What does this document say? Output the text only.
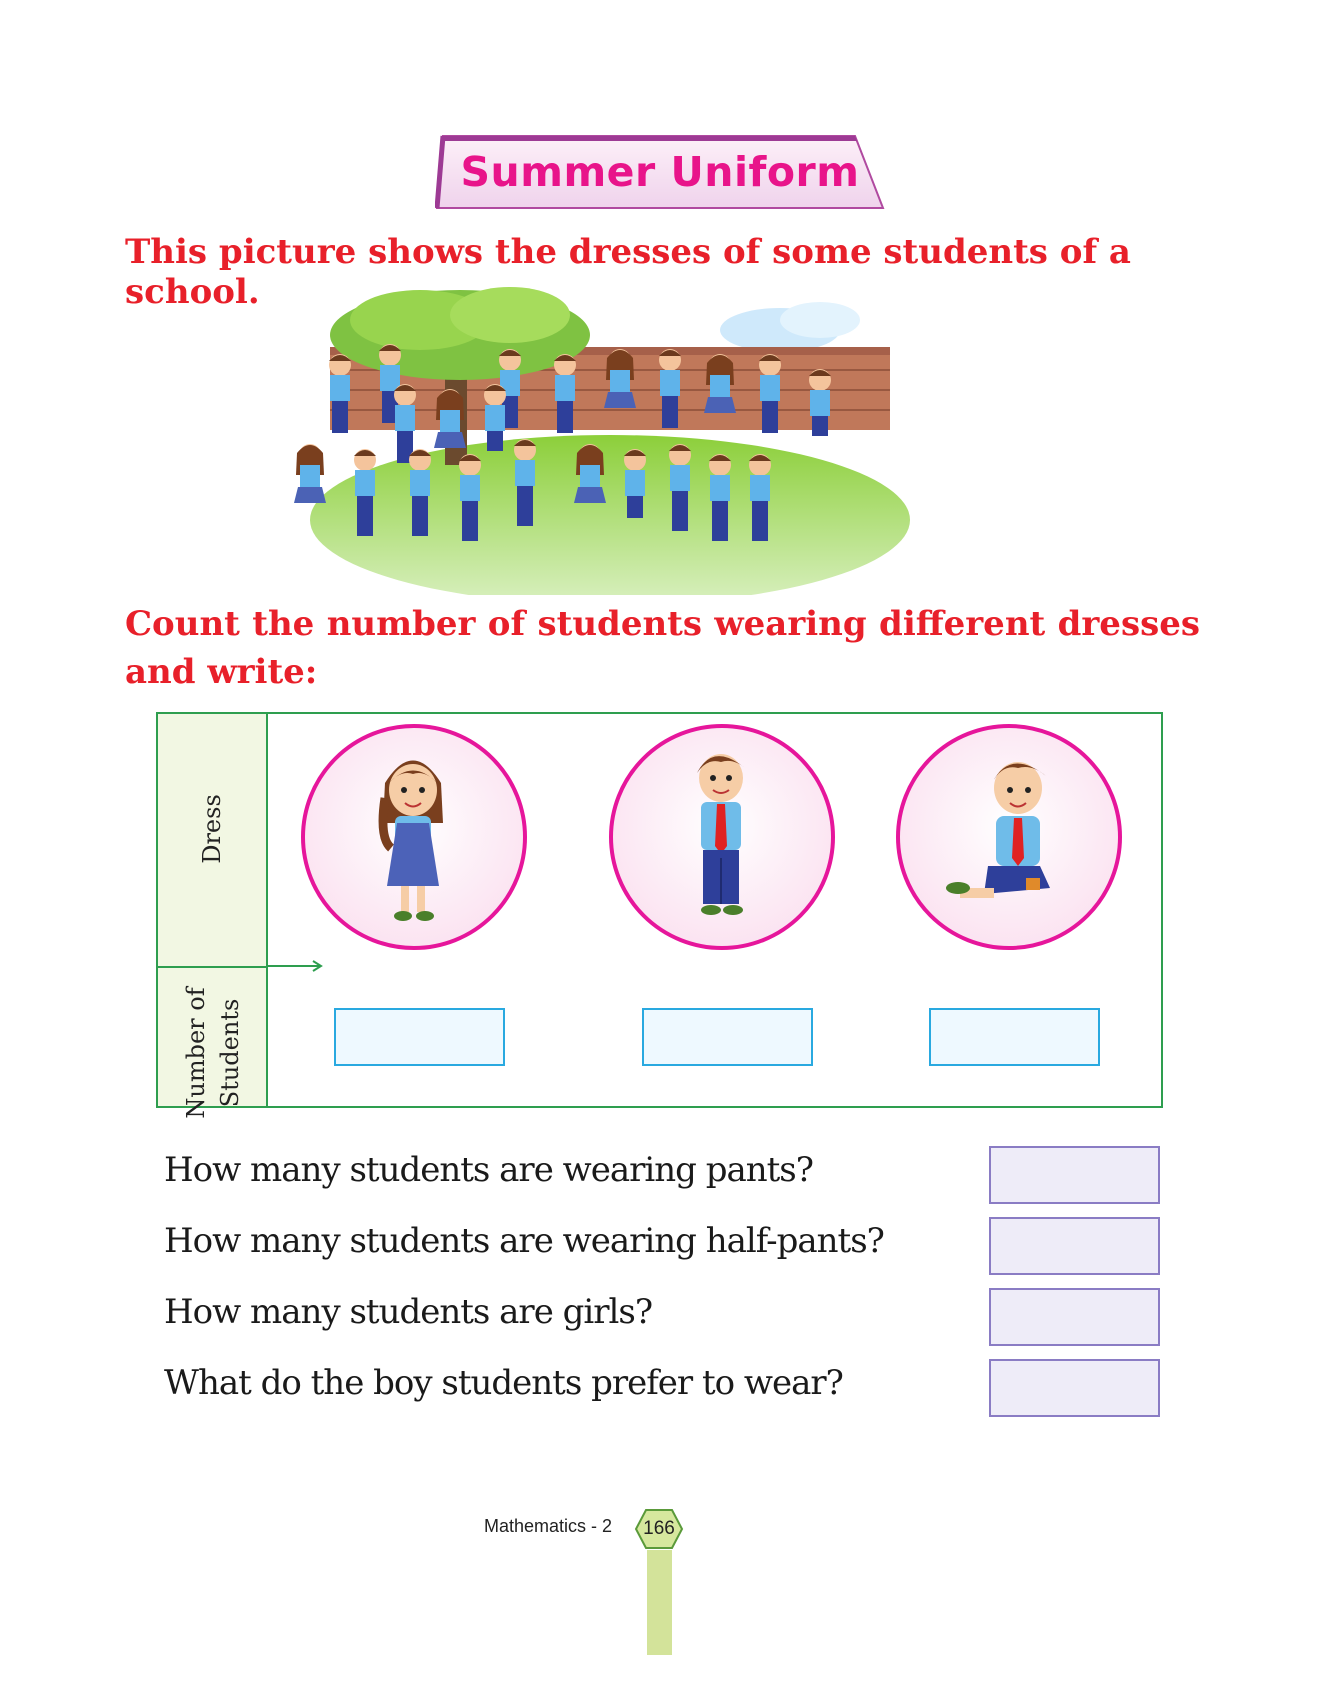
Summer Uniform
This picture shows the dresses of some students of a school.
Count the number of students wearing different dresses and write:
Dress
Number of Students
How many students are wearing pants?
How many students are wearing half-pants?
How many students are girls?
What do the boy students prefer to wear?
Mathematics - 2	166
